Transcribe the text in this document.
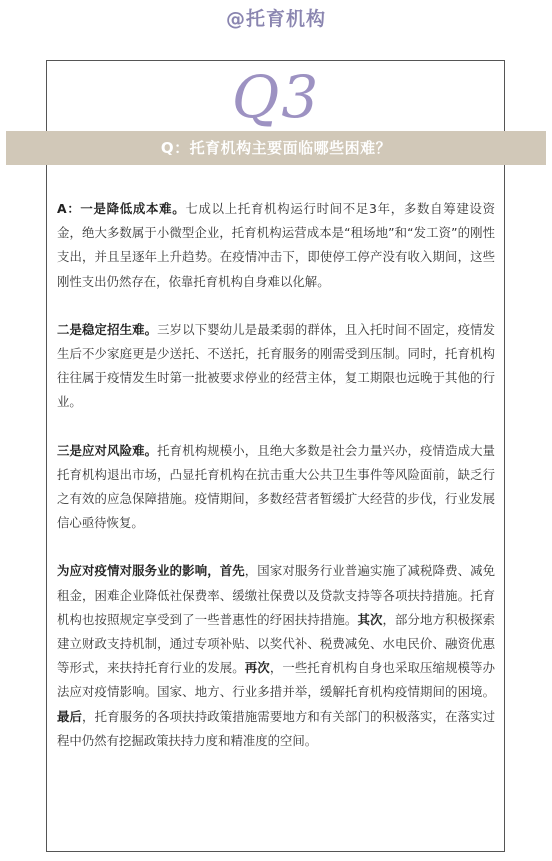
@托育机构
Q3
Q：托育机构主要面临哪些困难？

A：一是降低成本难。七成以上托育机构运行时间不足3年，多数自筹建设资金，绝大多数属于小微型企业，托育机构运营成本是“租场地”和“发工资”的刚性支出，并且呈逐年上升趋势。在疫情冲击下，即使停工停产没有收入期间，这些刚性支出仍然存在，依靠托育机构自身难以化解。

二是稳定招生难。三岁以下婴幼儿是最柔弱的群体，且入托时间不固定，疫情发生后不少家庭更是少送托、不送托，托育服务的刚需受到压制。同时，托育机构往往属于疫情发生时第一批被要求停业的经营主体，复工期限也远晚于其他的行业。

三是应对风险难。托育机构规模小，且绝大多数是社会力量兴办，疫情造成大量托育机构退出市场，凸显托育机构在抗击重大公共卫生事件等风险面前，缺乏行之有效的应急保障措施。疫情期间，多数经营者暂缓扩大经营的步伐，行业发展信心亟待恢复。

为应对疫情对服务业的影响，首先，国家对服务行业普遍实施了减税降费、减免租金，困难企业降低社保费率、缓缴社保费以及贷款支持等各项扶持措施。托育机构也按照规定享受到了一些普惠性的纾困扶持措施。其次，部分地方积极探索建立财政支持机制，通过专项补贴、以奖代补、税费减免、水电民价、融资优惠等形式，来扶持托育行业的发展。再次，一些托育机构自身也采取压缩规模等办法应对疫情影响。国家、地方、行业多措并举，缓解托育机构疫情期间的困境。最后，托育服务的各项扶持政策措施需要地方和有关部门的积极落实，在落实过程中仍然有挖掘政策扶持力度和精准度的空间。
